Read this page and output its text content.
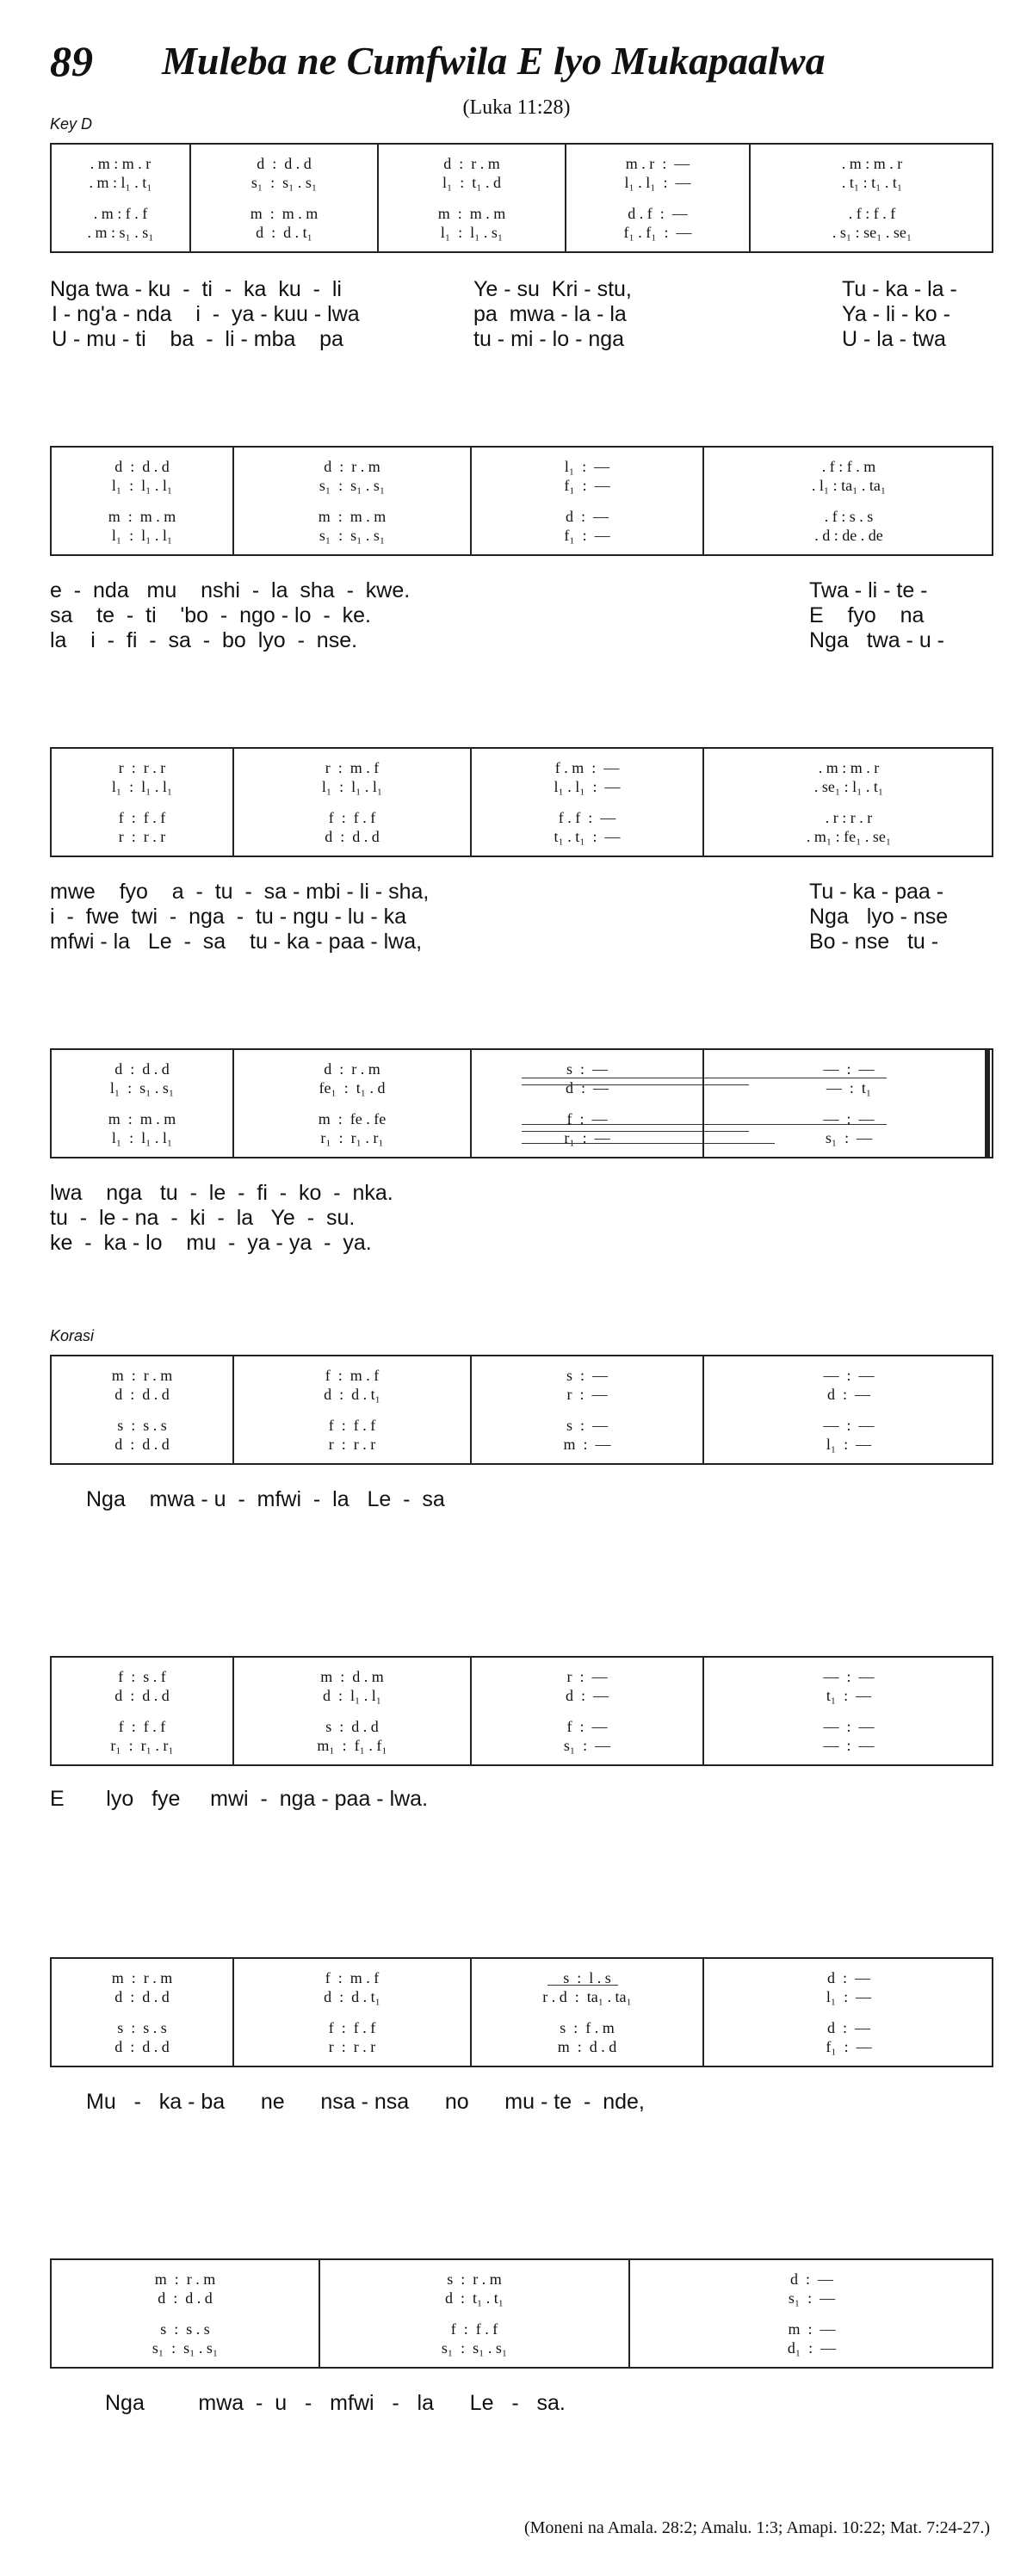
89 Muleba ne Cumfwila E lyo Mukapaalwa
(Luka 11:28)
Key D
Korasi
. m : m . r	d  :  d . d	d  :  r . m	m . r  :  —	. m : m . r
. m : l₁ . t₁	s₁  :  s₁ . s₁	l₁  :  t₁ . d	l₁ . l₁  :  —	. t₁ : t₁ . t₁
. m : f . f	m  :  m . m	m  :  m . m	d . f  :  —	. f : f . f
. m : s₁ . s₁	d  :  d . t₁	l₁  :  l₁ . s₁	f₁ . f₁  :  —	. s₁ : se₁ . se₁
d  :  d . d	d  :  r . m	l₁  :  —	. f : f . m
l₁  :  l₁ . l₁	s₁  :  s₁ . s₁	f₁  :  —	. l₁ : ta₁ . ta₁
m  :  m . m	m  :  m . m	d  :  —	. f : s . s
l₁  :  l₁ . l₁	s₁  :  s₁ . s₁	f₁  :  —	. d : de . de
r  :  r . r	r  :  m . f	f . m  :  —	. m : m . r
l₁  :  l₁ . l₁	l₁  :  l₁ . l₁	l₁ . l₁  :  —	. se₁ : l₁ . t₁
f  :  f . f	f  :  f . f	f . f  :  —	. r : r . r
r  :  r . r	d  :  d . d	t₁ . t₁  :  —	. m₁ : fe₁ . se₁
d  :  d . d	d  :  r . m	s  :  —	—  :  —
l₁  :  s₁ . s₁	fe₁  :  t₁ . d	d  :  —	—  :  t₁
m  :  m . m	m  :  fe . fe	f  :  —	—  :  —
l₁  :  l₁ . l₁	r₁  :  r₁ . r₁	r₁  :  —	s₁  :  —
m  :  r . m	f  :  m . f	s  :  —	—  :  —
d  :  d . d	d  :  d . t₁	r  :  —	d  :  —
s  :  s . s	f  :  f . f	s  :  —	—  :  —
d  :  d . d	r  :  r . r	m  :  —	l₁  :  —
f  :  s . f	m  :  d . m	r  :  —	—  :  —
d  :  d . d	d  :  l₁ . l₁	d  :  —	t₁  :  —
f  :  f . f	s  :  d . d	f  :  —	—  :  —
r₁  :  r₁ . r₁	m₁  :  f₁ . f₁	s₁  :  —	—  :  —
m  :  r . m	f  :  m . f	s  :  l . s	d  :  —
d  :  d . d	d  :  d . t₁	r . d  :  ta₁ . ta₁	l₁  :  —
s  :  s . s	f  :  f . f	s  :  f . m	d  :  —
d  :  d . d	r  :  r . r	m  :  d . d	f₁  :  —
m  :  r . m	s  :  r . m	d  :  —
d  :  d . d	d  :  t₁ . t₁	s₁  :  —
s  :  s . s	f  :  f . f	m  :  —
s₁  :  s₁ . s₁	s₁  :  s₁ . s₁	d₁  :  —
(Moneni na Amala. 28:2; Amalu. 1:3; Amapi. 10:22; Mat. 7:24-27.)
Nga twa - ku  -  ti  -  ka  ku  -  li	Ye - su  Kri - stu,	Tu - ka - la -
I - ng'a - nda    i  -  ya - kuu - lwa	pa  mwa - la - la	Ya - li - ko -
U - mu - ti    ba  -  li - mba    pa	tu - mi - lo - nga	U - la - twa
e  -  nda   mu    nshi  -  la  sha  -  kwe.	Twa - li - te -
sa    te  -  ti    'bo  -  ngo - lo  -  ke.	E    fyo    na
la    i  -  fi  -  sa  -  bo  lyo  -  nse.	Nga   twa - u -
mwe    fyo    a  -  tu  -  sa - mbi - li - sha,	Tu - ka - paa -
i  -  fwe  twi  -  nga  -  tu - ngu - lu - ka	Nga   lyo - nse
mfwi - la   Le  -  sa    tu - ka - paa - lwa,	Bo - nse   tu -
lwa    nga   tu  -  le  -  fi  -  ko  -  nka.
tu  -  le - na  -  ki  -  la   Ye  -  su.
ke  -  ka - lo    mu  -  ya - ya  -  ya.
Nga    mwa - u  -  mfwi  -  la   Le  -  sa
E       lyo   fye     mwi  -  nga - paa - lwa.
Mu   -   ka - ba      ne      nsa - nsa      no      mu - te  -  nde,
Nga         mwa  -  u   -   mfwi   -   la      Le   -   sa.
